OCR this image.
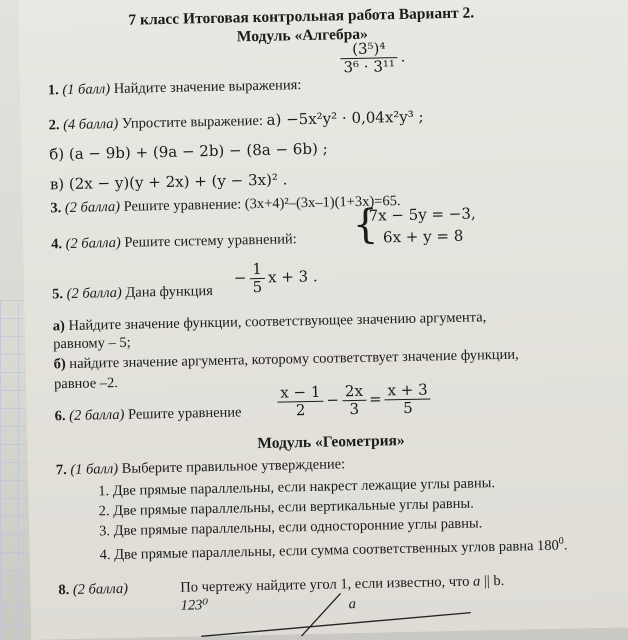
7 класс Итоговая контрольная работа Вариант 2.
Модуль «Алгебра»
1. (1 балл) Найдите значение выражения:
$\frac{\text{(3⁵)⁴}}{\text{3⁶ · 3¹¹}}$ .
2. (4 балла) Упростите выражение: а) −5x²y² · 0,04x²y³ ;
б) (a − 9b) + (9a − 2b) − (8a − 6b) ;
в) (2x − y)(y + 2x) + (y − 3x)² .
3. (2 балла) Решите уравнение: (3x+4)²–(3x–1)(1+3x)=65.
4. (2 балла) Решите систему уравнений: {
7x − 5y = −3,
6x + y = 8
5. (2 балла) Дана функция
− $\frac{1}{5}$ x + 3 .
а) Найдите значение функции, соответствующее значению аргумента,
равному – 5;
б) найдите значение аргумента, которому соответствует значение функции,
равное –2.
6. (2 балла) Решите уравнение $\frac{x - 1}{2} - \frac{2x}{3} = \frac{x + 3}{5}$
Модуль «Геометрия»
7. (1 балл) Выберите правильное утверждение:
1. Две прямые параллельны, если накрест лежащие углы равны.
2. Две прямые параллельны, если вертикальные углы равны.
3. Две прямые параллельны, если односторонние углы равны.
4. Две прямые параллельны, если сумма соответственных углов равна $180^0$.
8. (2 балла)	По чертежу найдите угол 1, если известно, что a || b.
123⁰	a
